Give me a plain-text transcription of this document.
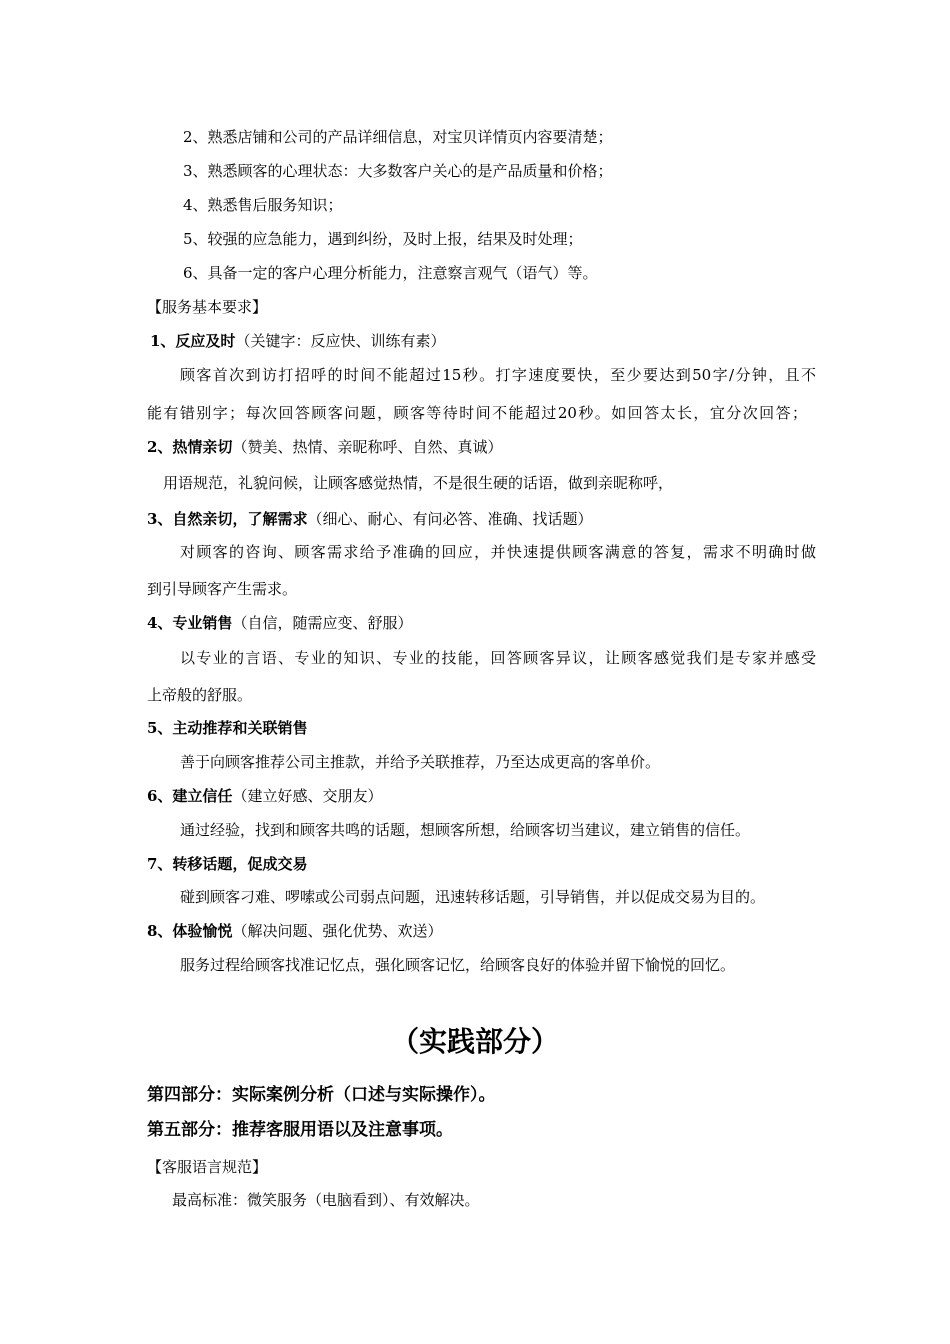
2、熟悉店铺和公司的产品详细信息，对宝贝详情页内容要清楚；
3、熟悉顾客的心理状态：大多数客户关心的是产品质量和价格；
4、熟悉售后服务知识；
5、较强的应急能力，遇到纠纷，及时上报，结果及时处理；
6、具备一定的客户心理分析能力，注意察言观气（语气）等。
【服务基本要求】
1、反应及时（关键字：反应快、训练有素）
顾客首次到访打招呼的时间不能超过15秒。打字速度要快，至少要达到50字/分钟，且不
能有错别字；每次回答顾客问题，顾客等待时间不能超过20秒。如回答太长，宜分次回答；
2、热情亲切（赞美、热情、亲昵称呼、自然、真诚）
用语规范，礼貌问候，让顾客感觉热情，不是很生硬的话语，做到亲昵称呼，
3、自然亲切，了解需求（细心、耐心、有问必答、准确、找话题）
对顾客的咨询、顾客需求给予准确的回应，并快速提供顾客满意的答复，需求不明确时做
到引导顾客产生需求。
4、专业销售（自信，随需应变、舒服）
以专业的言语、专业的知识、专业的技能，回答顾客异议，让顾客感觉我们是专家并感受
上帝般的舒服。
5、主动推荐和关联销售
善于向顾客推荐公司主推款，并给予关联推荐，乃至达成更高的客单价。
6、建立信任（建立好感、交朋友）
通过经验，找到和顾客共鸣的话题，想顾客所想，给顾客切当建议，建立销售的信任。
7、转移话题，促成交易
碰到顾客刁难、啰嗦或公司弱点问题，迅速转移话题，引导销售，并以促成交易为目的。
8、体验愉悦（解决问题、强化优势、欢送）
服务过程给顾客找准记忆点，强化顾客记忆，给顾客良好的体验并留下愉悦的回忆。
（实践部分）
第四部分：实际案例分析（口述与实际操作）。
第五部分：推荐客服用语以及注意事项。
【客服语言规范】
最高标准：微笑服务（电脑看到）、有效解决。
